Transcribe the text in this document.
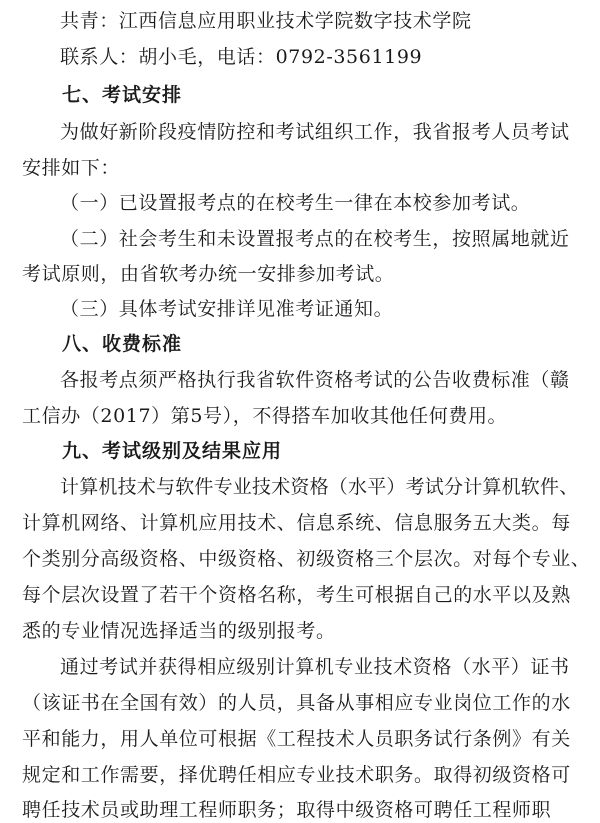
共青：江西信息应用职业技术学院数字技术学院
联系人：胡小毛，电话：0792-3561199
七、考试安排
为做好新阶段疫情防控和考试组织工作，我省报考人员考试
安排如下：
（一）已设置报考点的在校考生一律在本校参加考试。
（二）社会考生和未设置报考点的在校考生，按照属地就近
考试原则，由省软考办统一安排参加考试。
（三）具体考试安排详见准考证通知。
八、收费标准
各报考点须严格执行我省软件资格考试的公告收费标准（赣
工信办（2017）第5号），不得搭车加收其他任何费用。
九、考试级别及结果应用
计算机技术与软件专业技术资格（水平）考试分计算机软件、
计算机网络、计算机应用技术、信息系统、信息服务五大类。每
个类别分高级资格、中级资格、初级资格三个层次。对每个专业、
每个层次设置了若干个资格名称，考生可根据自己的水平以及熟
悉的专业情况选择适当的级别报考。
通过考试并获得相应级别计算机专业技术资格（水平）证书
（该证书在全国有效）的人员，具备从事相应专业岗位工作的水
平和能力，用人单位可根据《工程技术人员职务试行条例》有关
规定和工作需要，择优聘任相应专业技术职务。取得初级资格可
聘任技术员或助理工程师职务；取得中级资格可聘任工程师职
